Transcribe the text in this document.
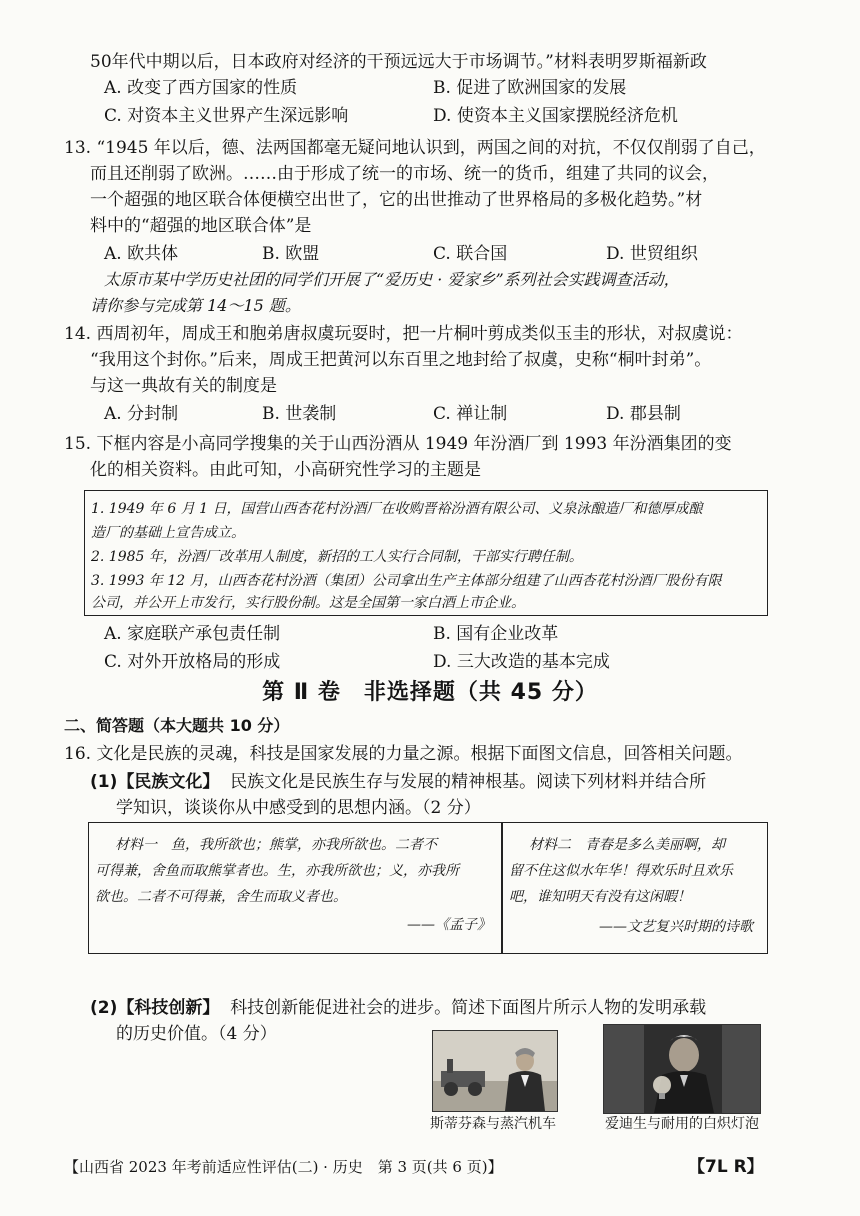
50年代中期以后，日本政府对经济的干预远远大于市场调节。”材料表明罗斯福新政
A. 改变了西方国家的性质	B. 促进了欧洲国家的发展
C. 对资本主义世界产生深远影响	D. 使资本主义国家摆脱经济危机
13. “1945 年以后，德、法两国都毫无疑问地认识到，两国之间的对抗，不仅仅削弱了自己，
而且还削弱了欧洲。……由于形成了统一的市场、统一的货币，组建了共同的议会，
一个超强的地区联合体便横空出世了，它的出世推动了世界格局的多极化趋势。”材
料中的“超强的地区联合体”是
A. 欧共体	B. 欧盟	C. 联合国	D. 世贸组织
太原市某中学历史社团的同学们开展了“爱历史 · 爱家乡”系列社会实践调查活动，
请你参与完成第 14～15 题。
14. 西周初年，周成王和胞弟唐叔虞玩耍时，把一片桐叶剪成类似玉圭的形状，对叔虞说：
“我用这个封你。”后来，周成王把黄河以东百里之地封给了叔虞，史称“桐叶封弟”。
与这一典故有关的制度是
A. 分封制	B. 世袭制	C. 禅让制	D. 郡县制
15. 下框内容是小高同学搜集的关于山西汾酒从 1949 年汾酒厂到 1993 年汾酒集团的变
化的相关资料。由此可知，小高研究性学习的主题是
1. 1949 年 6 月 1 日，国营山西杏花村汾酒厂在收购晋裕汾酒有限公司、义泉泳酿造厂和德厚成酿
造厂的基础上宣告成立。
2. 1985 年，汾酒厂改革用人制度，新招的工人实行合同制，干部实行聘任制。
3. 1993 年 12 月，山西杏花村汾酒（集团）公司拿出生产主体部分组建了山西杏花村汾酒厂股份有限
公司，并公开上市发行，实行股份制。这是全国第一家白酒上市企业。
A. 家庭联产承包责任制	B. 国有企业改革
C. 对外开放格局的形成	D. 三大改造的基本完成
第 Ⅱ 卷　非选择题（共 45 分）
二、简答题（本大题共 10 分）
16. 文化是民族的灵魂，科技是国家发展的力量之源。根据下面图文信息，回答相关问题。
(1)【民族文化】 民族文化是民族生存与发展的精神根基。阅读下列材料并结合所
学知识，谈谈你从中感受到的思想内涵。（2 分）
材料一　鱼，我所欲也；熊掌，亦我所欲也。二者不
可得兼，舍鱼而取熊掌者也。生，亦我所欲也；义，亦我所
欲也。二者不可得兼，舍生而取义者也。
——《孟子》
材料二　青春是多么美丽啊，却
留不住这似水年华！得欢乐时且欢乐
吧，谁知明天有没有这闲暇！
——文艺复兴时期的诗歌
(2)【科技创新】 科技创新能促进社会的进步。简述下面图片所示人物的发明承载
的历史价值。（4 分）
斯蒂芬森与蒸汽机车	爱迪生与耐用的白炽灯泡
【山西省 2023 年考前适应性评估(二) · 历史　第 3 页(共 6 页)】	【7L R】
